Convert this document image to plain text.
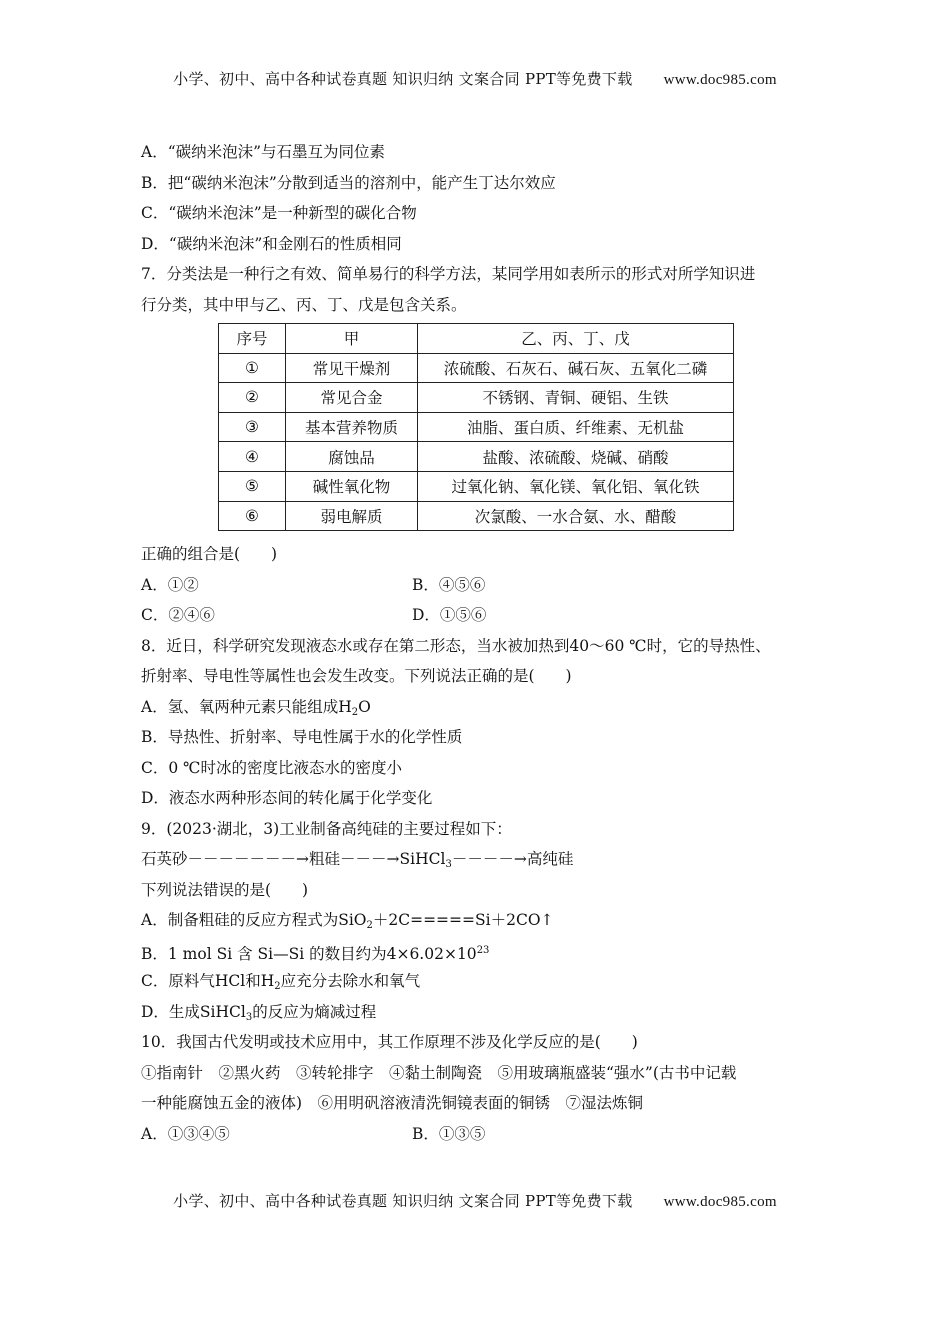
小学、初中、高中各种试卷真题 知识归纳 文案合同 PPT等免费下载 www.doc985.com
A．“碳纳米泡沫”与石墨互为同位素
B．把“碳纳米泡沫”分散到适当的溶剂中，能产生丁达尔效应
C．“碳纳米泡沫”是一种新型的碳化合物
D．“碳纳米泡沫”和金刚石的性质相同
7．分类法是一种行之有效、简单易行的科学方法，某同学用如表所示的形式对所学知识进
行分类，其中甲与乙、丙、丁、戊是包含关系。
序号	甲	乙、丙、丁、戊
①	常见干燥剂	浓硫酸、石灰石、碱石灰、五氧化二磷
②	常见合金	不锈钢、青铜、硬铝、生铁
③	基本营养物质	油脂、蛋白质、纤维素、无机盐
④	腐蚀品	盐酸、浓硫酸、烧碱、硝酸
⑤	碱性氧化物	过氧化钠、氧化镁、氧化铝、氧化铁
⑥	弱电解质	次氯酸、一水合氨、水、醋酸
正确的组合是(　　)
A．①②	B．④⑤⑥
C．②④⑥	D．①⑤⑥
8．近日，科学研究发现液态水或存在第二形态，当水被加热到40～60 ℃时，它的导热性、
折射率、导电性等属性也会发生改变。下列说法正确的是(　　)
A．氢、氧两种元素只能组成$H_2O$
B．导热性、折射率、导电性属于水的化学性质
C．0 ℃时冰的密度比液态水的密度小
D．液态水两种形态间的转化属于化学变化
9．(2023·湖北，3)工业制备高纯硅的主要过程如下：
石英砂－－－－－－－→粗硅－－－→SiHCl$_3$－－－－→高纯硅
下列说法错误的是(　　)
A．制备粗硅的反应方程式为SiO$_2$＋2C=====Si＋2CO↑
B．1 mol Si 含 Si—Si 的数目约为$4\times 6.02\times 10^{23}$
C．原料气HCl和$H_2$应充分去除水和氧气
D．生成SiHCl$_3$的反应为熵减过程
10．我国古代发明或技术应用中，其工作原理不涉及化学反应的是(　　)
①指南针　②黑火药　③转轮排字　④黏土制陶瓷　⑤用玻璃瓶盛装“强水”(古书中记载
一种能腐蚀五金的液体)　⑥用明矾溶液清洗铜镜表面的铜锈　⑦湿法炼铜
A．①③④⑤	B．①③⑤
小学、初中、高中各种试卷真题 知识归纳 文案合同 PPT等免费下载 www.doc985.com
